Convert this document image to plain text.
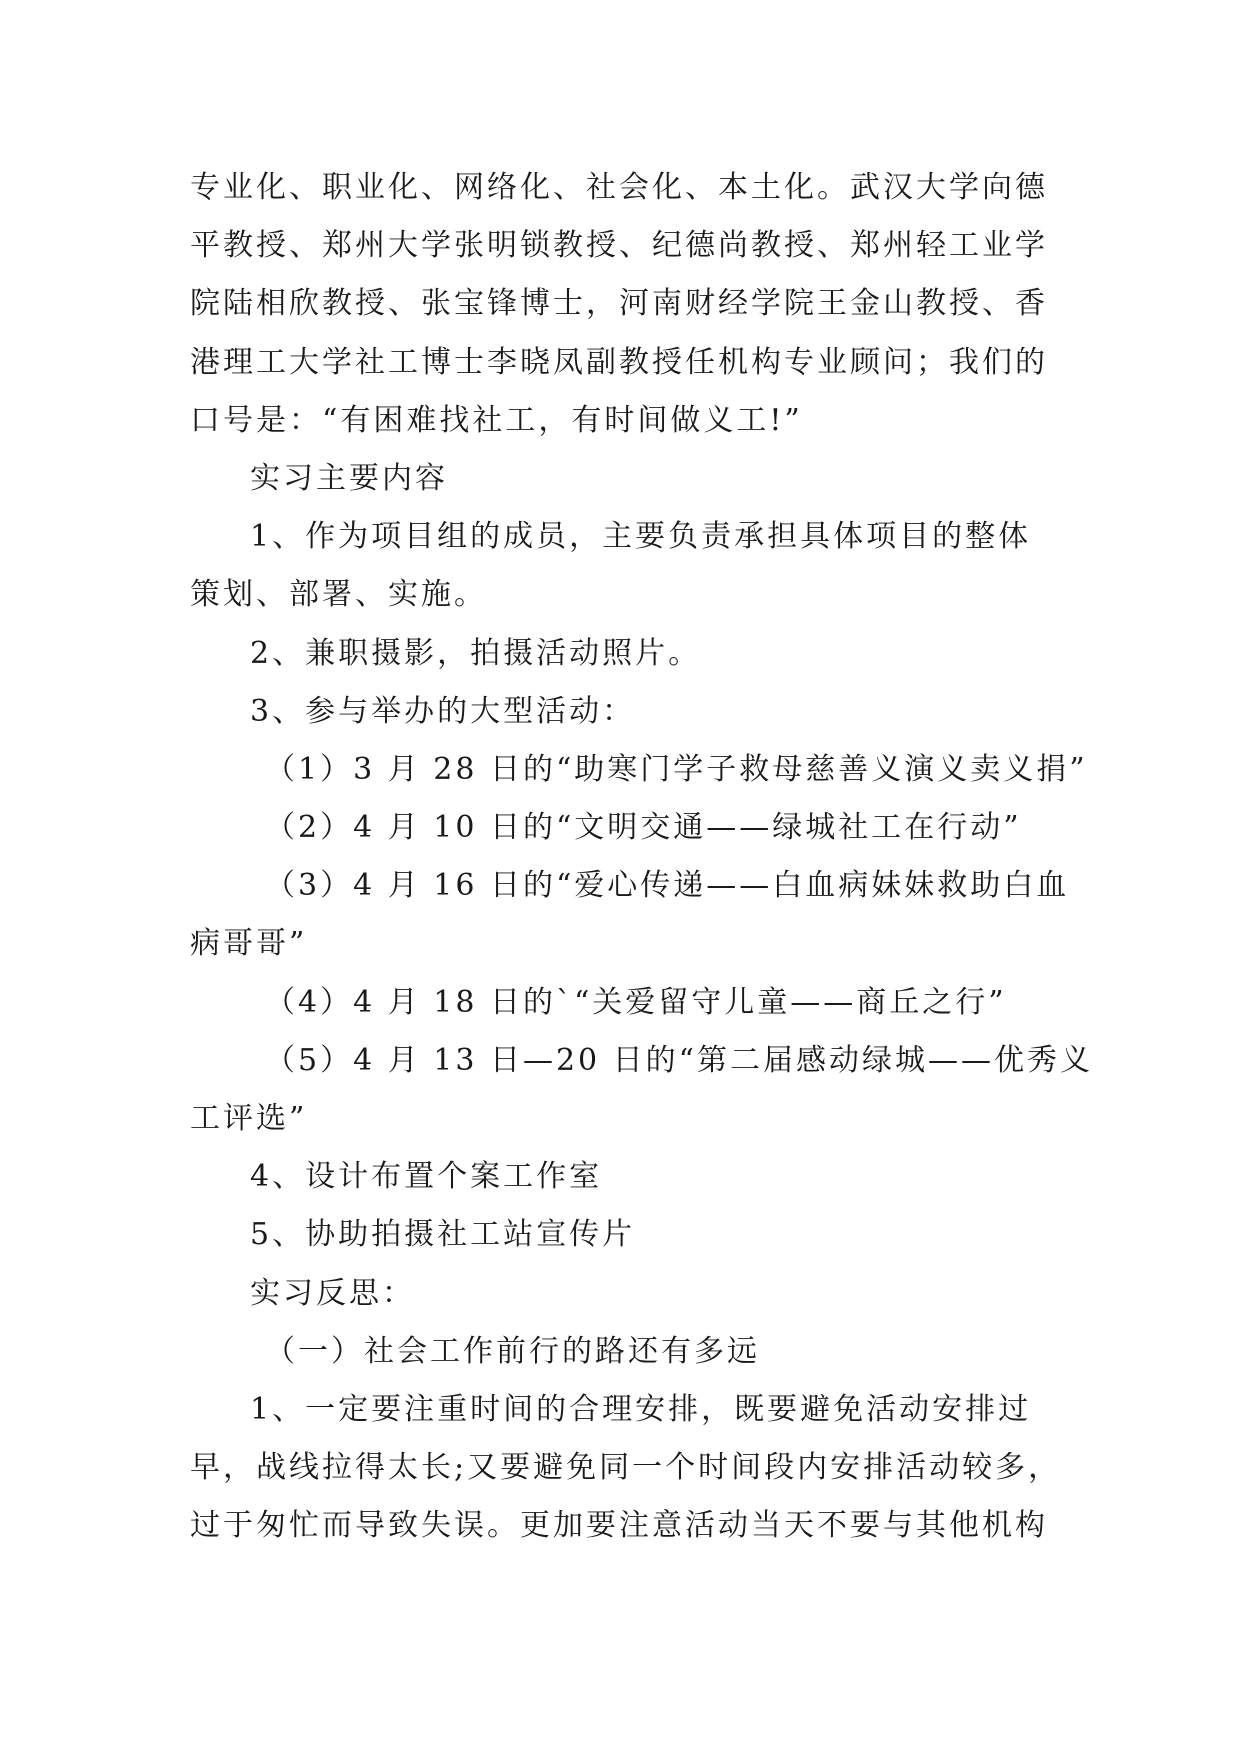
专业化、职业化、网络化、社会化、本土化。武汉大学向德
平教授、郑州大学张明锁教授、纪德尚教授、郑州轻工业学
院陆相欣教授、张宝锋博士，河南财经学院王金山教授、香
港理工大学社工博士李晓凤副教授任机构专业顾问；我们的
口号是：“有困难找社工，有时间做义工!”
实习主要内容
1、作为项目组的成员，主要负责承担具体项目的整体
策划、部署、实施。
2、兼职摄影，拍摄活动照片。
3、参与举办的大型活动：
（1）3 月 28 日的“助寒门学子救母慈善义演义卖义捐”
（2）4 月 10 日的“文明交通——绿城社工在行动”
（3）4 月 16 日的“爱心传递——白血病妹妹救助白血
病哥哥”
（4）4 月 18 日的`“关爱留守儿童——商丘之行”
（5）4 月 13 日—20 日的“第二届感动绿城——优秀义
工评选”
4、设计布置个案工作室
5、协助拍摄社工站宣传片
实习反思：
（一）社会工作前行的路还有多远
1、一定要注重时间的合理安排，既要避免活动安排过
早，战线拉得太长;又要避免同一个时间段内安排活动较多，
过于匆忙而导致失误。更加要注意活动当天不要与其他机构
